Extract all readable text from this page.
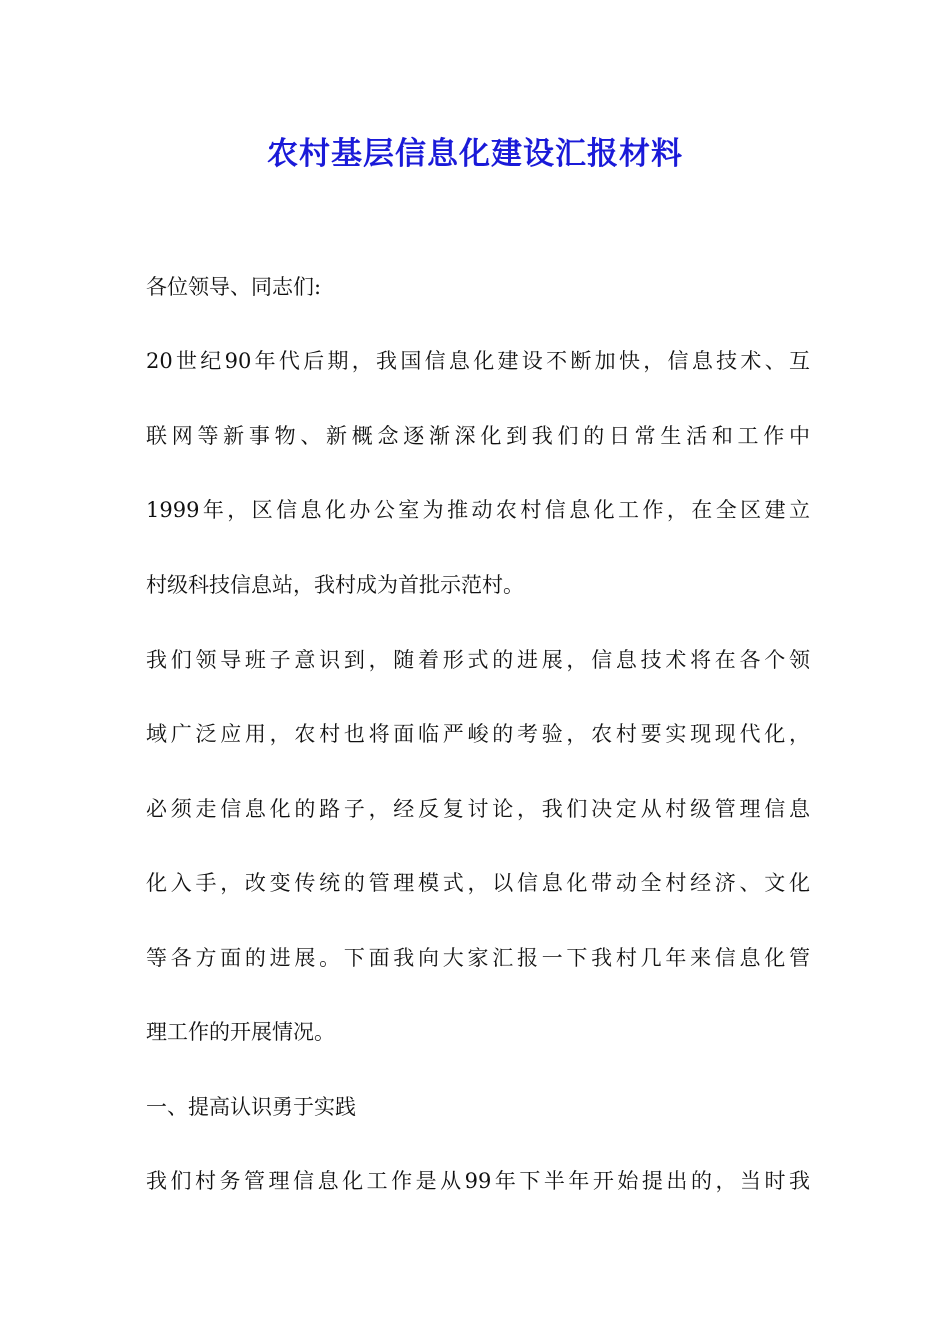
农村基层信息化建设汇报材料

各位领导、同志们:

20世纪90年代后期，我国信息化建设不断加快，信息技术、互

联网等新事物、新概念逐渐深化到我们的日常生活和工作中

1999年，区信息化办公室为推动农村信息化工作，在全区建立

村级科技信息站，我村成为首批示范村。

我们领导班子意识到，随着形式的进展，信息技术将在各个领

域广泛应用，农村也将面临严峻的考验，农村要实现现代化，

必须走信息化的路子，经反复讨论，我们决定从村级管理信息

化入手，改变传统的管理模式，以信息化带动全村经济、文化

等各方面的进展。下面我向大家汇报一下我村几年来信息化管

理工作的开展情况。

一、提高认识勇于实践

我们村务管理信息化工作是从99年下半年开始提出的，当时我
